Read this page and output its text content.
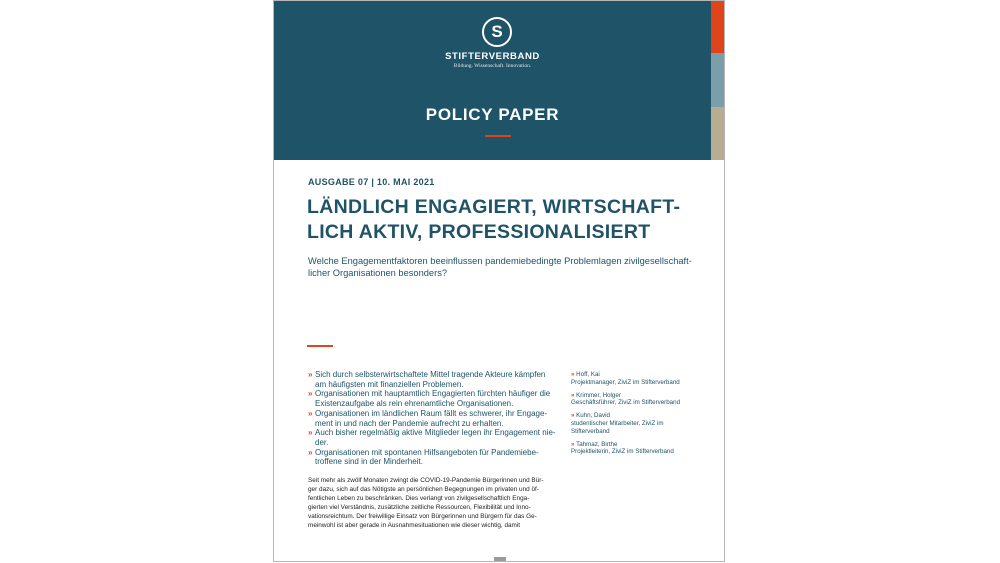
S
STIFTERVERBAND
Bildung. Wissenschaft. Innovation.
POLICY PAPER
AUSGABE 07 | 10. MAI 2021
LÄNDLICH ENGAGIERT, WIRTSCHAFT-
LICH AKTIV, PROFESSIONALISIERT
Welche Engagementfaktoren beeinflussen pandemiebedingte Problemlagen zivilgesellschaft-
licher Organisationen besonders?
» Sich durch selbsterwirtschaftete Mittel tragende Akteure kämpfen
am häufigsten mit finanziellen Problemen.
» Organisationen mit hauptamtlich Engagierten fürchten häufiger die
Existenzaufgabe als rein ehrenamtliche Organisationen.
» Organisationen im ländlichen Raum fällt es schwerer, ihr Engage-
ment in und nach der Pandemie aufrecht zu erhalten.
» Auch bisher regelmäßig aktive Mitglieder legen ihr Engagement nie-
der.
» Organisationen mit spontanen Hilfsangeboten für Pandemiebe-
troffene sind in der Minderheit.
» Hoff, Kai
Projektmanager, ZiviZ im Stifterverband
» Krimmer, Holger
Geschäftsführer, ZiviZ im Stifterverband
» Kuhn, David
studentischer Mitarbeiter, ZiviZ im Stifterverband
» Tahmaz, Birthe
Projektleiterin, ZiviZ im Stifterverband
Seit mehr als zwölf Monaten zwingt die COVID-19-Pandemie Bürgerinnen und Bür-
ger dazu, sich auf das Nötigste an persönlichen Begegnungen im privaten und öf-
fentlichen Leben zu beschränken. Dies verlangt von zivilgesellschaftlich Enga-
gierten viel Verständnis, zusätzliche zeitliche Ressourcen, Flexibilität und Inno-
vationsreichtum. Der freiwillige Einsatz von Bürgerinnen und Bürgern für das Ge-
meinwohl ist aber gerade in Ausnahmesituationen wie dieser wichtig, damit
